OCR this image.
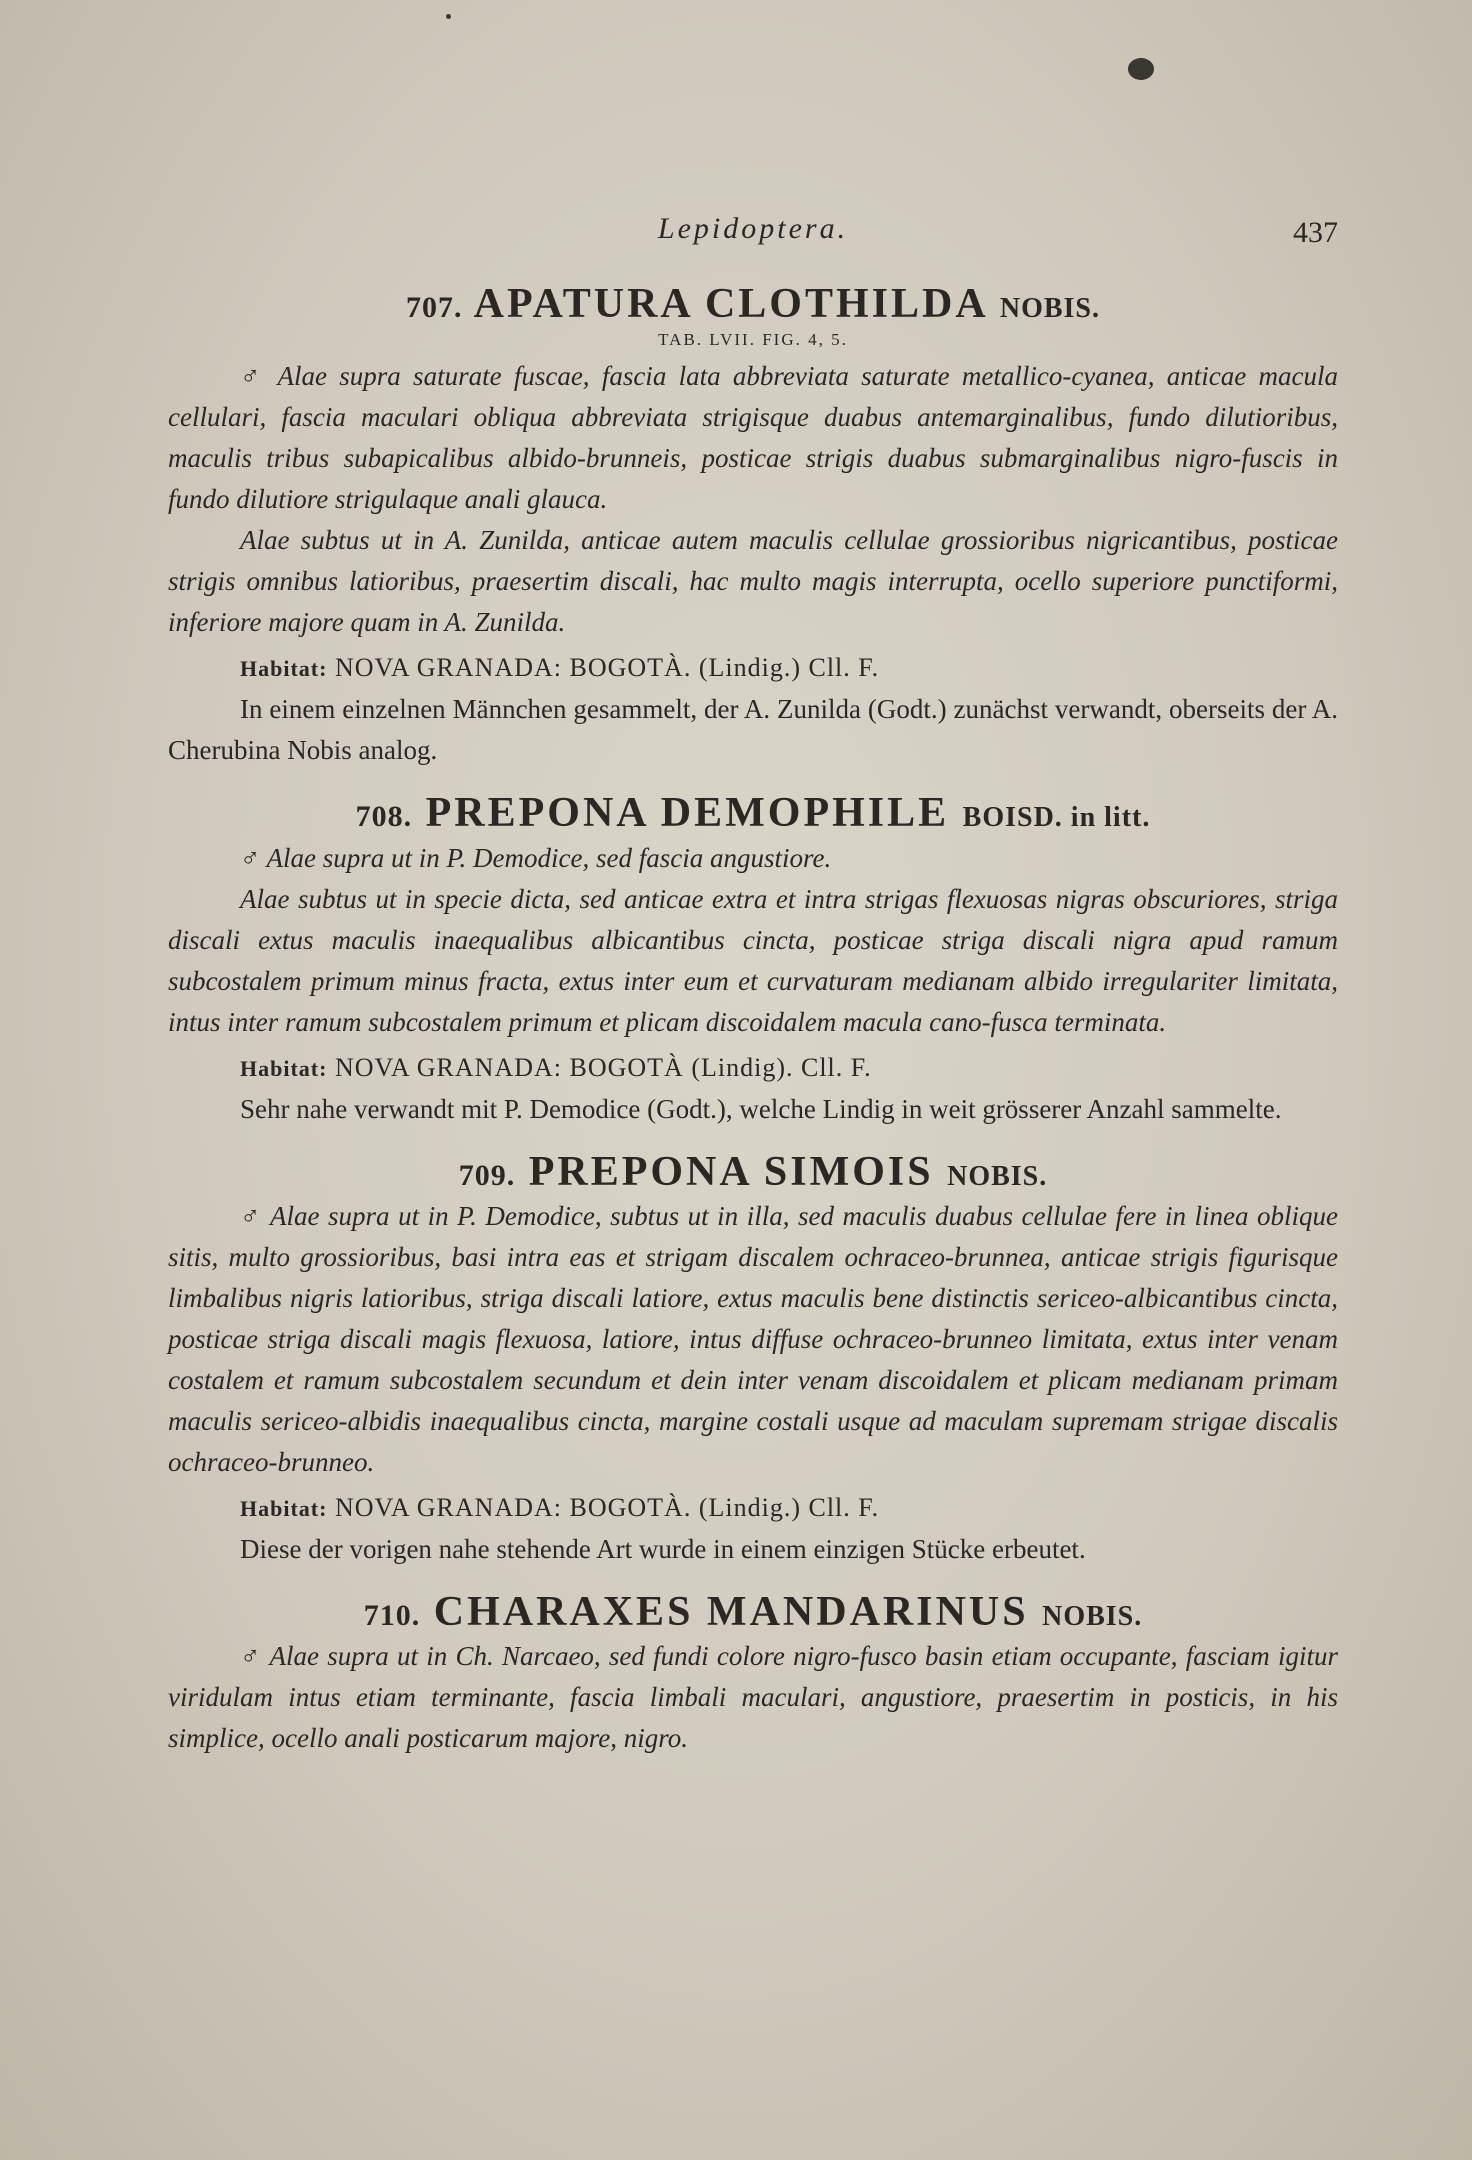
Lepidoptera.	437
707. APATURA CLOTHILDA NOBIS.
TAB. LVII. FIG. 4, 5.

♂ Alae supra saturate fuscae, fascia lata abbreviata saturate metallico-cyanea, anticae macula cellulari, fascia maculari obliqua abbreviata strigisque duabus antemarginalibus, fundo dilutioribus, maculis tribus subapicalibus albido-brunneis, posticae strigis duabus submarginalibus nigro-fuscis in fundo dilutiore strigulaque anali glauca.

Alae subtus ut in A. Zunilda, anticae autem maculis cellulae grossioribus nigricantibus, posticae strigis omnibus latioribus, praesertim discali, hac multo magis interrupta, ocello superiore punctiformi, inferiore majore quam in A. Zunilda.

Habitat: NOVA GRANADA: BOGOTÀ. (Lindig.) Cll. F.

In einem einzelnen Männchen gesammelt, der A. Zunilda (Godt.) zunächst verwandt, oberseits der A. Cherubina Nobis analog.

708. PREPONA DEMOPHILE BOISD. in litt.

♂ Alae supra ut in P. Demodice, sed fascia angustiore.

Alae subtus ut in specie dicta, sed anticae extra et intra strigas flexuosas nigras obscuriores, striga discali extus maculis inaequalibus albicantibus cincta, posticae striga discali nigra apud ramum subcostalem primum minus fracta, extus inter eum et curvaturam medianam albido irregulariter limitata, intus inter ramum subcostalem primum et plicam discoidalem macula cano-fusca terminata.

Habitat: NOVA GRANADA: BOGOTÀ (Lindig). Cll. F.

Sehr nahe verwandt mit P. Demodice (Godt.), welche Lindig in weit grösserer Anzahl sammelte.

709. PREPONA SIMOIS NOBIS.

♂ Alae supra ut in P. Demodice, subtus ut in illa, sed maculis duabus cellulae fere in linea oblique sitis, multo grossioribus, basi intra eas et strigam discalem ochraceo-brunnea, anticae strigis figurisque limbalibus nigris latioribus, striga discali latiore, extus maculis bene distinctis sericeo-albicantibus cincta, posticae striga discali magis flexuosa, latiore, intus diffuse ochraceo-brunneo limitata, extus inter venam costalem et ramum subcostalem secundum et dein inter venam discoidalem et plicam medianam primam maculis sericeo-albidis inaequalibus cincta, margine costali usque ad maculam supremam strigae discalis ochraceo-brunneo.

Habitat: NOVA GRANADA: BOGOTÀ. (Lindig.) Cll. F.

Diese der vorigen nahe stehende Art wurde in einem einzigen Stücke erbeutet.

710. CHARAXES MANDARINUS NOBIS.

♂ Alae supra ut in Ch. Narcaeo, sed fundi colore nigro-fusco basin etiam occupante, fasciam igitur viridulam intus etiam terminante, fascia limbali maculari, angustiore, praesertim in posticis, in his simplice, ocello anali posticarum majore, nigro.
